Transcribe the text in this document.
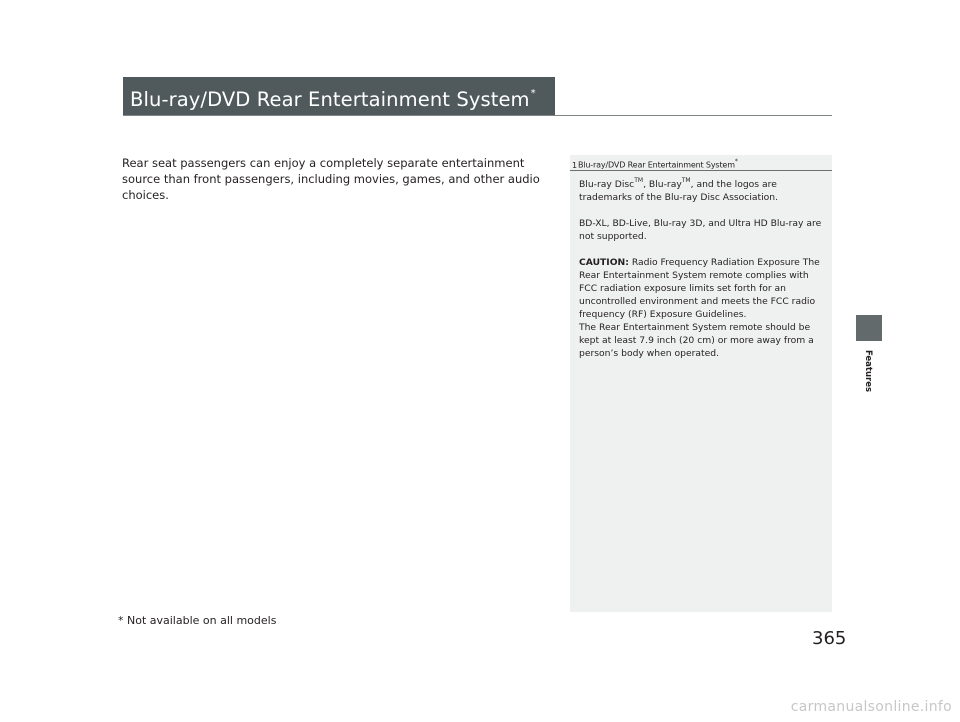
Blu-ray/DVD Rear Entertainment System*

Rear seat passengers can enjoy a completely separate entertainment source than front passengers, including movies, games, and other audio choices.

1Blu-ray/DVD Rear Entertainment System*

Blu-ray Disc™, Blu-ray™, and the logos are trademarks of the Blu-ray Disc Association.

BD-XL, BD-Live, Blu-ray 3D, and Ultra HD Blu-ray are not supported.

CAUTION: Radio Frequency Radiation Exposure The Rear Entertainment System remote complies with FCC radiation exposure limits set forth for an uncontrolled environment and meets the FCC radio frequency (RF) Exposure Guidelines.

The Rear Entertainment System remote should be kept at least 7.9 inch (20 cm) or more away from a person’s body when operated.	Features
* Not available on all models
365
carmanualsonline.info
